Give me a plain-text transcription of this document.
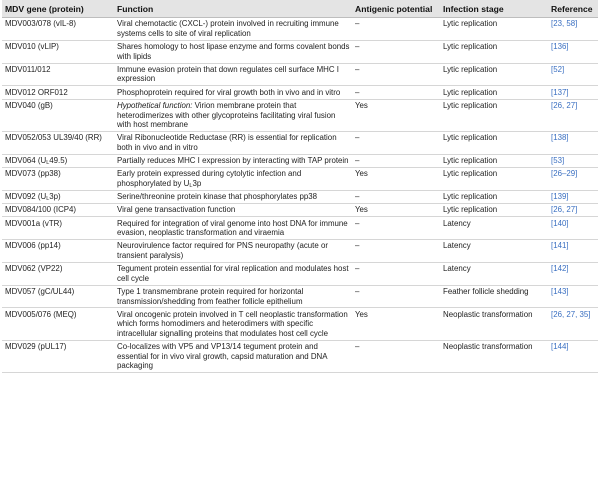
MDV gene (protein)	Function	Antigenic potential	Infection stage	Reference
MDV003/078 (vIL-8)	Viral chemotactic (CXCL-) protein involved in recruiting immune systems cells to site of viral replication	–	Lytic replication	[23, 58]
MDV010 (vLIP)	Shares homology to host lipase enzyme and forms covalent bonds with lipids	–	Lytic replication	[136]
MDV011/012	Immune evasion protein that down regulates cell surface MHC I expression	–	Lytic replication	[52]
MDV012 ORF012	Phosphoprotein required for viral growth both in vivo and in vitro	–	Lytic replication	[137]
MDV040 (gB)	Hypothetical function: Virion membrane protein that heterodimerizes with other glycoproteins facilitating viral fusion with host membrane	Yes	Lytic replication	[26, 27]
MDV052/053 UL39/40 (RR)	Viral Ribonucleotide Reductase (RR) is essential for replication both in vivo and in vitro	–	Lytic replication	[138]
MDV064 $(U_L49.5)$	Partially reduces MHC I expression by interacting with TAP protein	–	Lytic replication	[53]
MDV073 (pp38)	Early protein expressed during cytolytic infection and phosphorylated by $U_L3p$	Yes	Lytic replication	[26–29]
MDV092 $(U_L3p)$	Serine/threonine protein kinase that phosphorylates pp38	–	Lytic replication	[139]
MDV084/100 (ICP4)	Viral gene transactivation function	Yes	Lytic replication	[26, 27]
MDV001a (vTR)	Required for integration of viral genome into host DNA for immune evasion, neoplastic transformation and viraemia	–	Latency	[140]
MDV006 (pp14)	Neurovirulence factor required for PNS neuropathy (acute or transient paralysis)	–	Latency	[141]
MDV062 (VP22)	Tegument protein essential for viral replication and modulates host cell cycle	–	Latency	[142]
MDV057 (gC/UL44)	Type 1 transmembrane protein required for horizontal transmission/shedding from feather follicle epithelium	–	Feather follicle shedding	[143]
MDV005/076 (MEQ)	Viral oncogenic protein involved in T cell neoplastic transformation which forms homodimers and heterodimers with specific intracellular signalling proteins that modulates host cell cycle	Yes	Neoplastic transformation	[26, 27, 35]
MDV029 (pUL17)	Co-localizes with VP5 and VP13/14 tegument protein and essential for in vivo viral growth, capsid maturation and DNA packaging	–	Neoplastic transformation	[144]
